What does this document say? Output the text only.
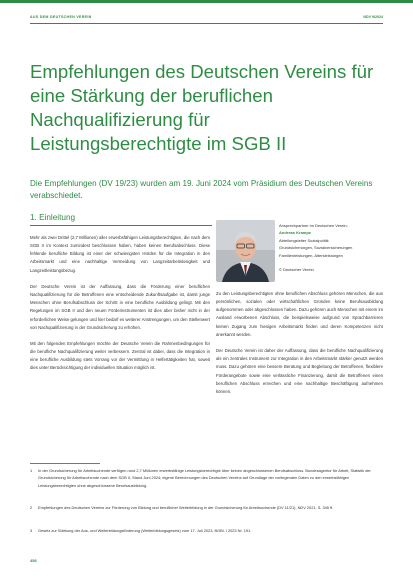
AUS DEM DEUTSCHEN VEREIN	NDV 9/2024
Empfehlungen des Deutschen Vereins für eine Stärkung der beruflichen Nachqualifizierung für Leistungsberechtigte im SGB II

Die Empfehlungen (DV 19/23) wurden am 19. Juni 2024 vom Präsidium des Deutschen Vereins verabschiedet.

1. Einleitung

Mehr als zwei Drittel (2,7 Millionen) aller erwerbsfähigen Leistungsberechtigten, die nach dem SGB II im Kontext zumindest beschlossen haben, haben keinen Berufsabschluss. Diese fehlende berufliche Bildung ist einer der schwierigsten Hürden für die Integration in den Arbeitsmarkt und eine nachhaltige Vermeidung von Langzeitarbeitslosigkeit und Langzeitleistungsbezug.

Der Deutsche Verein ist der Auffassung, dass die Förderung einer beruflichen Nachqualifizierung für die Betroffenen eine entscheidende Zukunftsaufgabe ist, damit junge Menschen ohne Berufsabschluss der Schritt in eine berufliche Ausbildung gelingt. Mit den Regelungen im SGB II und den neuen Förderinstrumenten ist dies aber bisher nicht in der erforderlichen Weise gelungen und hier bedarf es weiterer Anstrengungen, um den Stellenwert von Nachqualifizierung in der Grundsicherung zu erhöhen.

Mit den folgenden Empfehlungen möchte der Deutsche Verein die Rahmenbedingungen für die berufliche Nachqualifizierung weiter verbessern. Zentral ist dabei, dass die Integration in eine berufliche Ausbildung stets Vorrang vor der Vermittlung in Helfertätigkeiten hat, soweit dies unter Berücksichtigung der individuellen Situation möglich ist.

Ansprechpartner im Deutschen Verein:
Andreas Krampe
Abteilungsleiter Sozialpolitik
Grundsicherungen, Sozialversicherungen
Familienleistungen, Altersleistungen
© Deutscher Verein

Zu den Leistungsberechtigten ohne beruflichen Abschluss gehören Menschen, die aus persönlichen, sozialen oder wirtschaftlichen Gründen keine Berufsausbildung aufgenommen oder abgeschlossen haben. Dazu gehören auch Menschen mit einem im Ausland erworbenen Abschluss, die beispielsweise aufgrund von Sprachbarrieren keinen Zugang zum hiesigen Arbeitsmarkt finden und deren Kompetenzen nicht anerkannt werden.

Der Deutsche Verein ist daher der Auffassung, dass die berufliche Nachqualifizierung als ein zentrales Instrument zur Integration in den Arbeitsmarkt stärker genutzt werden muss. Dazu gehören eine bessere Beratung und Begleitung der Betroffenen, flexiblere Förderangebote sowie eine verlässliche Finanzierung, damit die Betroffenen einen beruflichen Abschluss erreichen und eine nachhaltige Beschäftigung aufnehmen können.

1 In der Grundsicherung für Arbeitsuchende verfügen rund 2,7 Millionen erwerbsfähige Leistungsberechtigte über keinen abgeschlossenen Berufsabschluss. Bundesagentur für Arbeit, Statistik der Grundsicherung für Arbeitsuchende nach dem SGB II, Stand Juni 2024; eigene Berechnungen des Deutschen Vereins auf Grundlage der vorliegenden Daten zu den erwerbsfähigen Leistungsberechtigten ohne abgeschlossene Berufsausbildung.
2 Empfehlungen des Deutschen Vereins zur Förderung von Bildung und beruflicher Weiterbildung in der Grundsicherung für Arbeitsuchende (DV 11/21), NDV 2021, S. 345 ff.
3 Gesetz zur Stärkung der Aus- und Weiterbildungsförderung (Weiterbildungsgesetz) vom 17. Juli 2023, BGBl. I 2023 Nr. 191.
456
